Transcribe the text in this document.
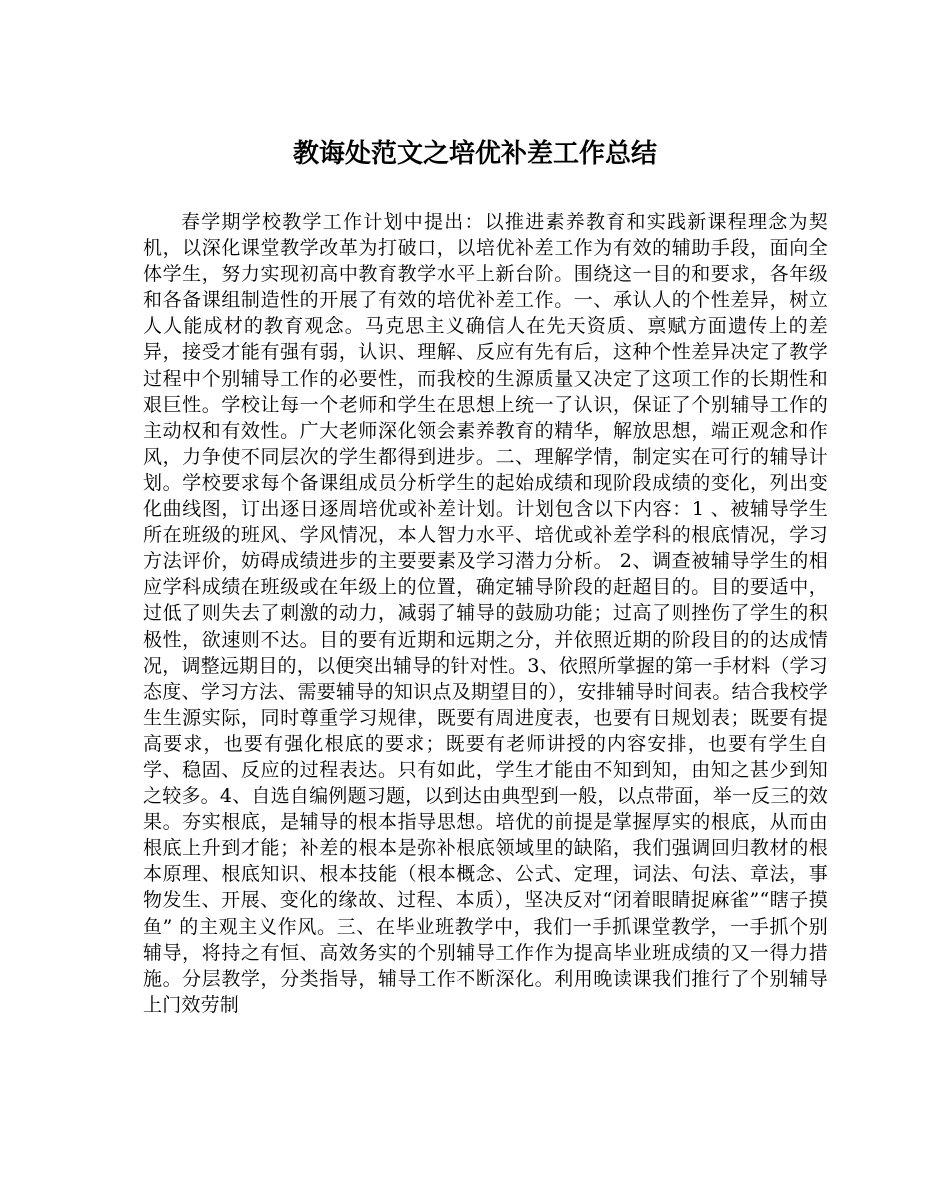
教诲处范文之培优补差工作总结

春学期学校教学工作计划中提出：以推进素养教育和实践新课程理念为契机，以深化课堂教学改革为打破口，以培优补差工作为有效的辅助手段，面向全体学生，努力实现初高中教育教学水平上新台阶。围绕这一目的和要求，各年级和各备课组制造性的开展了有效的培优补差工作。一、承认人的个性差异，树立人人能成材的教育观念。马克思主义确信人在先天资质、禀赋方面遗传上的差异，接受才能有强有弱，认识、理解、反应有先有后，这种个性差异决定了教学过程中个别辅导工作的必要性，而我校的生源质量又决定了这项工作的长期性和艰巨性。学校让每一个老师和学生在思想上统一了认识，保证了个别辅导工作的主动权和有效性。广大老师深化领会素养教育的精华，解放思想，端正观念和作风，力争使不同层次的学生都得到进步。二、理解学情，制定实在可行的辅导计划。学校要求每个备课组成员分析学生的起始成绩和现阶段成绩的变化，列出变化曲线图，订出逐日逐周培优或补差计划。计划包含以下内容：1 、被辅导学生所在班级的班风、学风情况，本人智力水平、培优或补差学科的根底情况，学习方法评价，妨碍成绩进步的主要要素及学习潜力分析。 2、调查被辅导学生的相应学科成绩在班级或在年级上的位置，确定辅导阶段的赶超目的。目的要适中，过低了则失去了刺激的动力，减弱了辅导的鼓励功能；过高了则挫伤了学生的积极性，欲速则不达。目的要有近期和远期之分，并依照近期的阶段目的的达成情况，调整远期目的，以便突出辅导的针对性。3、依照所掌握的第一手材料（学习态度、学习方法、需要辅导的知识点及期望目的），安排辅导时间表。结合我校学生生源实际，同时尊重学习规律，既要有周进度表，也要有日规划表；既要有提高要求，也要有强化根底的要求；既要有老师讲授的内容安排，也要有学生自学、稳固、反应的过程表达。只有如此，学生才能由不知到知，由知之甚少到知之较多。4、自选自编例题习题，以到达由典型到一般，以点带面，举一反三的效果。夯实根底，是辅导的根本指导思想。培优的前提是掌握厚实的根底，从而由根底上升到才能；补差的根本是弥补根底领域里的缺陷，我们强调回归教材的根本原理、根底知识、根本技能（根本概念、公式、定理，词法、句法、章法，事物发生、开展、变化的缘故、过程、本质），坚决反对“闭着眼睛捉麻雀”“瞎子摸鱼” 的主观主义作风。三、在毕业班教学中，我们一手抓课堂教学，一手抓个别辅导，将持之有恒、高效务实的个别辅导工作作为提高毕业班成绩的又一得力措施。分层教学，分类指导，辅导工作不断深化。利用晚读课我们推行了个别辅导上门效劳制
